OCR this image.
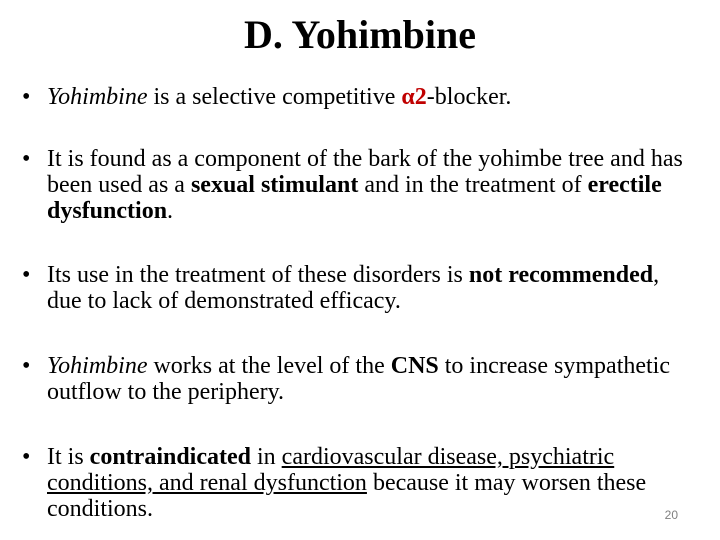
D. Yohimbine
• Yohimbine is a selective competitive α2-blocker.
• It is found as a component of the bark of the yohimbe tree and has been used as a sexual stimulant and in the treatment of erectile dysfunction.
• Its use in the treatment of these disorders is not recommended, due to lack of demonstrated efficacy.
• Yohimbine works at the level of the CNS to increase sympathetic outflow to the periphery.
• It is contraindicated in cardiovascular disease, psychiatric conditions, and renal dysfunction because it may worsen these conditions.	20
